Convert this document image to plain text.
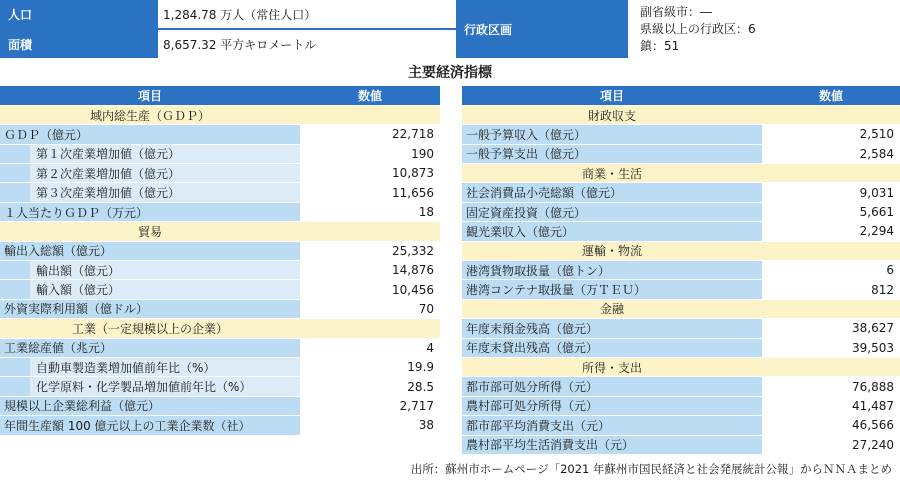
人口	1,284.78 万人（常住人口）
面積	8,657.32 平方キロメートル
行政区画
副省級市：―
県級以上の行政区：6
鎮：51
主要経済指標
項目		数値
域内総生産（ＧＤＰ）		
ＧＤＰ（億元）		22,718
	第１次産業増加値（億元）	190
	第２次産業増加値（億元）	10,873
	第３次産業増加値（億元）	11,656
１人当たりＧＤＰ（万元）		18
貿易		
輸出入総額（億元）		25,332
	輸出額（億元）	14,876
	輸入額（億元）	10,456
外資実際利用額（億ドル）		70
工業（一定規模以上の企業）		
工業総産値（兆元）		4
	自動車製造業増加値前年比（%）	19.9
	化学原料・化学製品増加値前年比（%）	28.5
規模以上企業総利益（億元）		2,717
年間生産額 100 億元以上の工業企業数（社）		38
項目	数値
財政収支	
一般予算収入（億元）	2,510
一般予算支出（億元）	2,584
商業・生活	
社会消費品小売総額（億元）	9,031
固定資産投資（億元）	5,661
観光業収入（億元）	2,294
運輸・物流	
港湾貨物取扱量（億トン）	6
港湾コンテナ取扱量（万ＴＥＵ）	812
金融	
年度末預金残高（億元）	38,627
年度末貸出残高（億元）	39,503
所得・支出	
都市部可処分所得（元）	76,888
農村部可処分所得（元）	41,487
都市部平均消費支出（元）	46,566
農村部平均生活消費支出（元）	27,240
出所：蘇州市ホームページ「2021 年蘇州市国民経済と社会発展統計公報」からＮＮＡまとめ
